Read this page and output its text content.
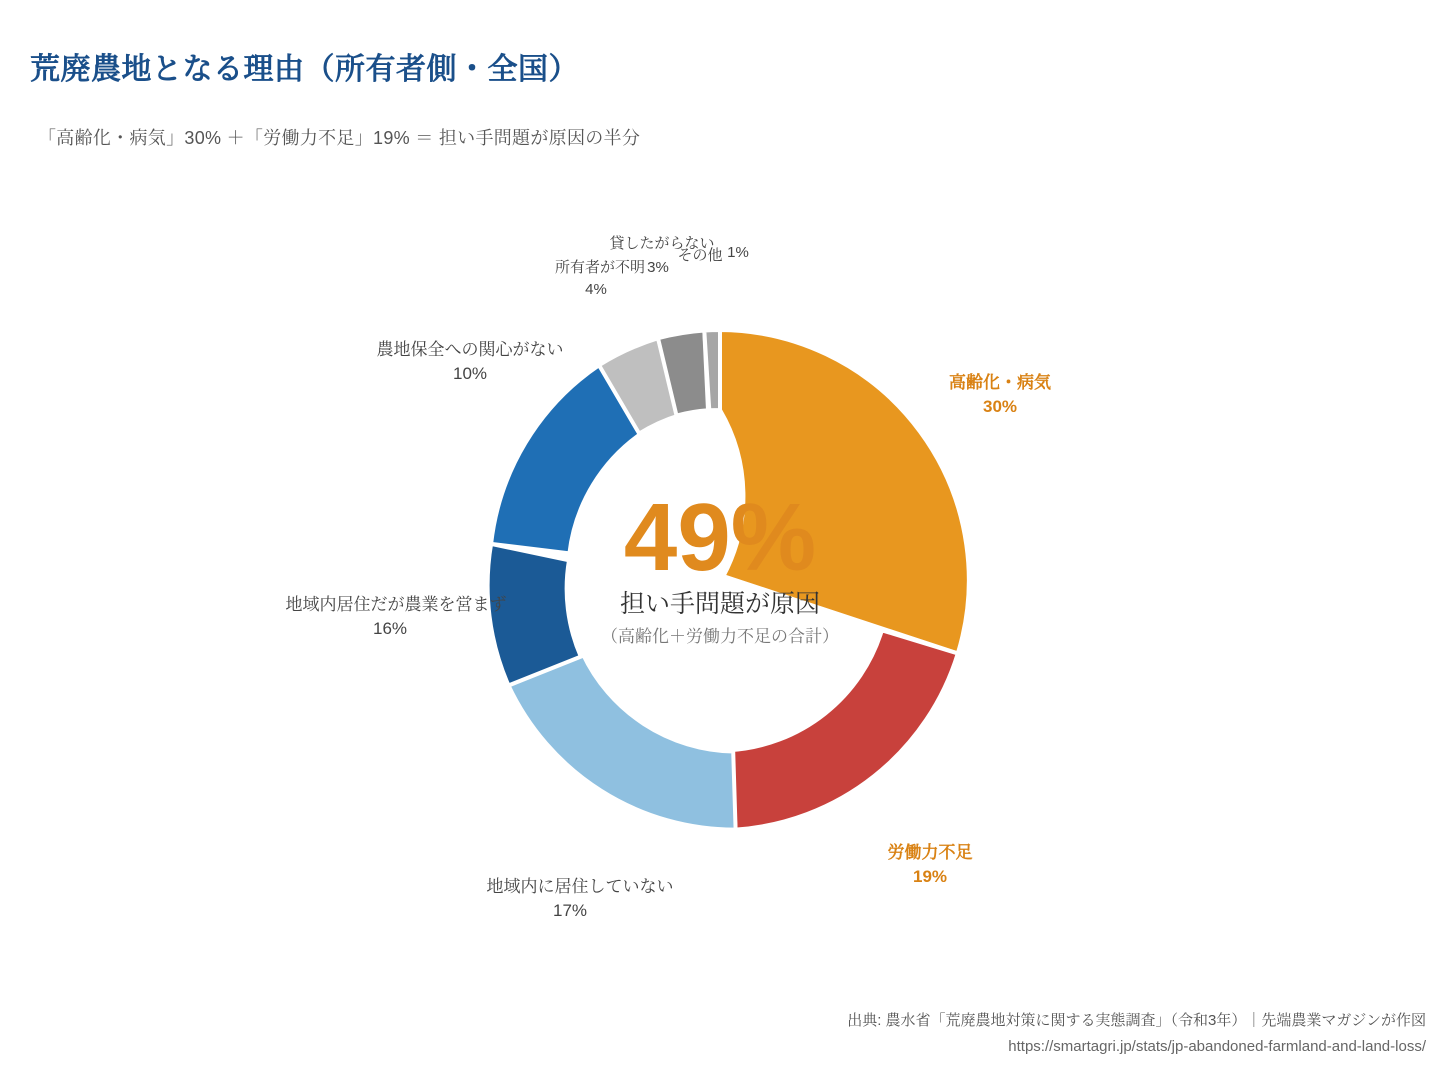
荒廃農地となる理由（所有者側・全国）
「高齢化・病気」30% ＋「労働力不足」19% ＝ 担い手問題が原因の半分
49%
担い手問題が原因
（高齢化＋労働力不足の合計）
高齢化・病気
30%
労働力不足
19%
地域内に居住していない
17%
地域内居住だが農業を営まず
16%
農地保全への関心がない
10%
所有者が不明
4%
貸したがらない
3%
その他 1%
出典: 農水省「荒廃農地対策に関する実態調査」（令和3年）｜先端農業マガジンが作図
https://smartagri.jp/stats/jp-abandoned-farmland-and-land-loss/
